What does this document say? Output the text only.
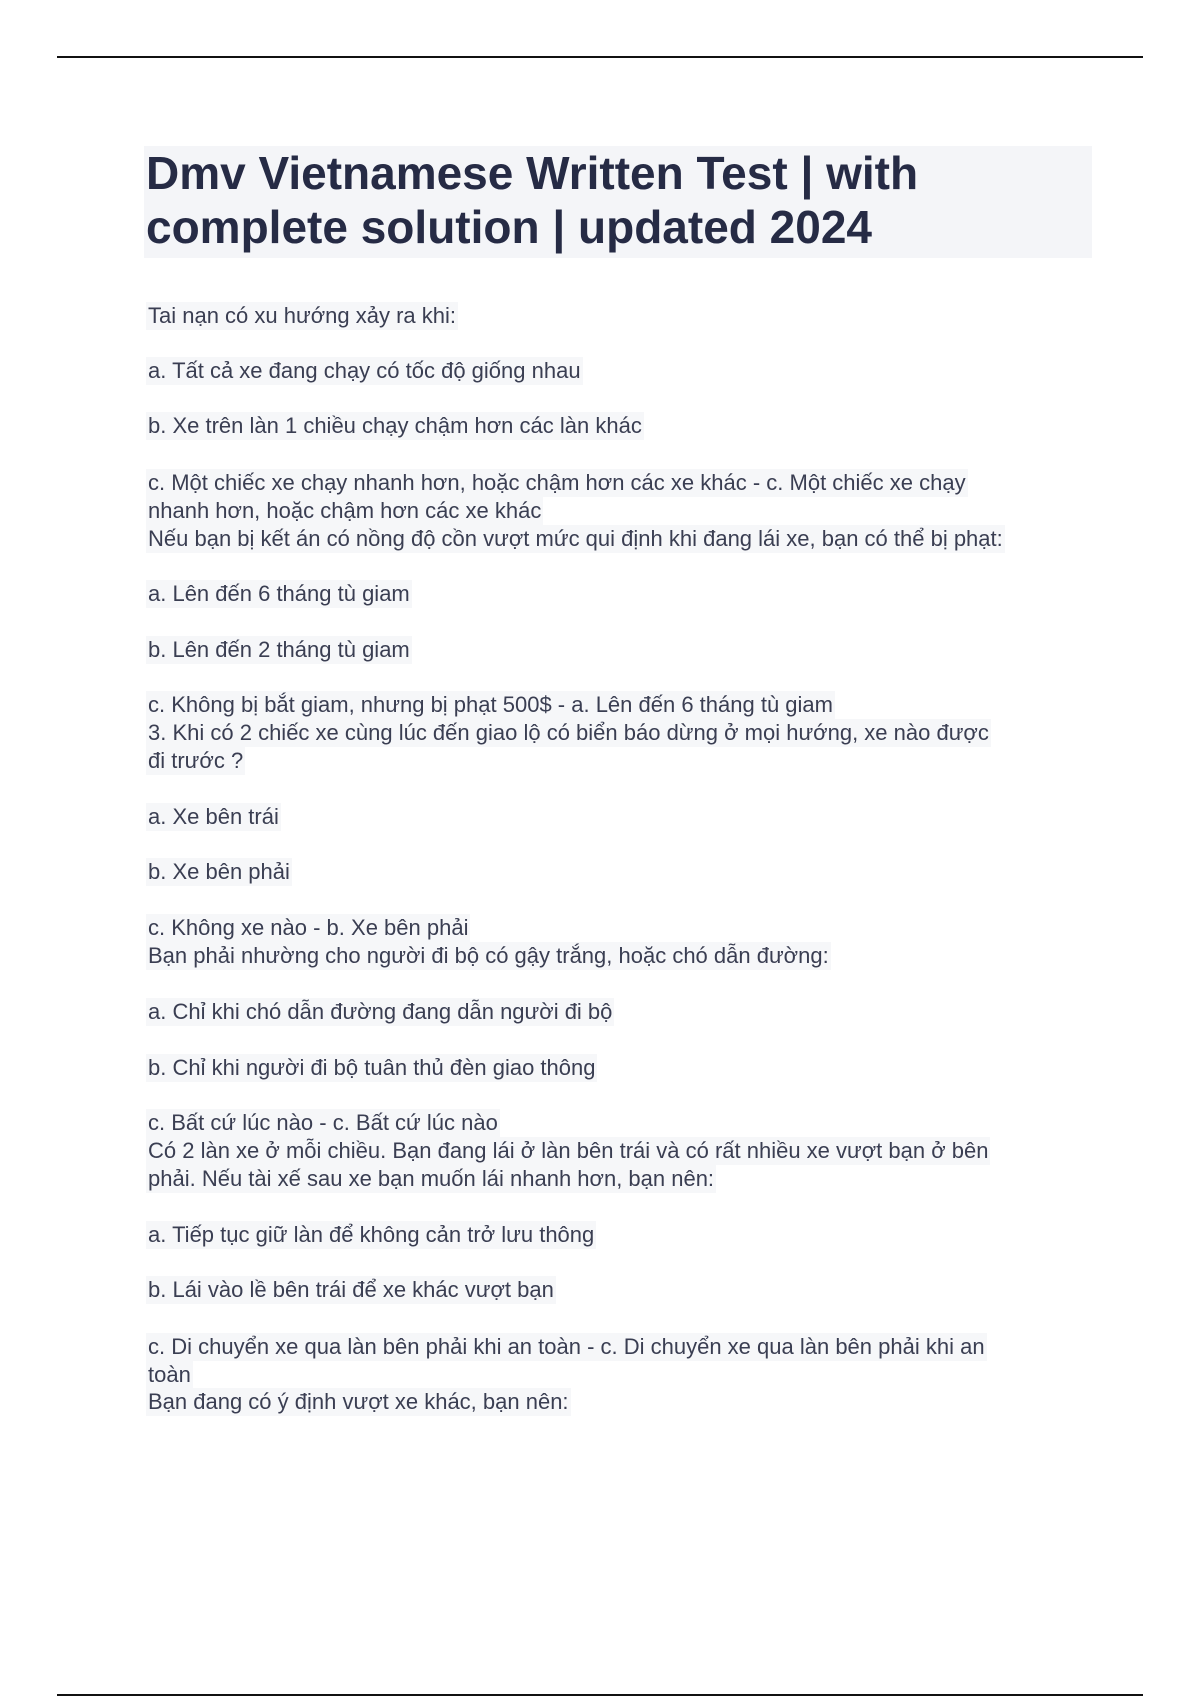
Dmv Vietnamese Written Test | with complete solution | updated 2024
Tai nạn có xu hướng xảy ra khi:
a. Tất cả xe đang chạy có tốc độ giống nhau
b. Xe trên làn 1 chiều chạy chậm hơn các làn khác
c. Một chiếc xe chạy nhanh hơn, hoặc chậm hơn các xe khác - c. Một chiếc xe chạy
nhanh hơn, hoặc chậm hơn các xe khác
Nếu bạn bị kết án có nồng độ cồn vượt mức qui định khi đang lái xe, bạn có thể bị phạt:
a. Lên đến 6 tháng tù giam
b. Lên đến 2 tháng tù giam
c. Không bị bắt giam, nhưng bị phạt 500$ - a. Lên đến 6 tháng tù giam
3. Khi có 2 chiếc xe cùng lúc đến giao lộ có biển báo dừng ở mọi hướng, xe nào được
đi trước ?
a. Xe bên trái
b. Xe bên phải
c. Không xe nào - b. Xe bên phải
Bạn phải nhường cho người đi bộ có gậy trắng, hoặc chó dẫn đường:
a. Chỉ khi chó dẫn đường đang dẫn người đi bộ
b. Chỉ khi người đi bộ tuân thủ đèn giao thông
c. Bất cứ lúc nào - c. Bất cứ lúc nào
Có 2 làn xe ở mỗi chiều. Bạn đang lái ở làn bên trái và có rất nhiều xe vượt bạn ở bên
phải. Nếu tài xế sau xe bạn muốn lái nhanh hơn, bạn nên:
a. Tiếp tục giữ làn để không cản trở lưu thông
b. Lái vào lề bên trái để xe khác vượt bạn
c. Di chuyển xe qua làn bên phải khi an toàn - c. Di chuyển xe qua làn bên phải khi an
toàn
Bạn đang có ý định vượt xe khác, bạn nên:
